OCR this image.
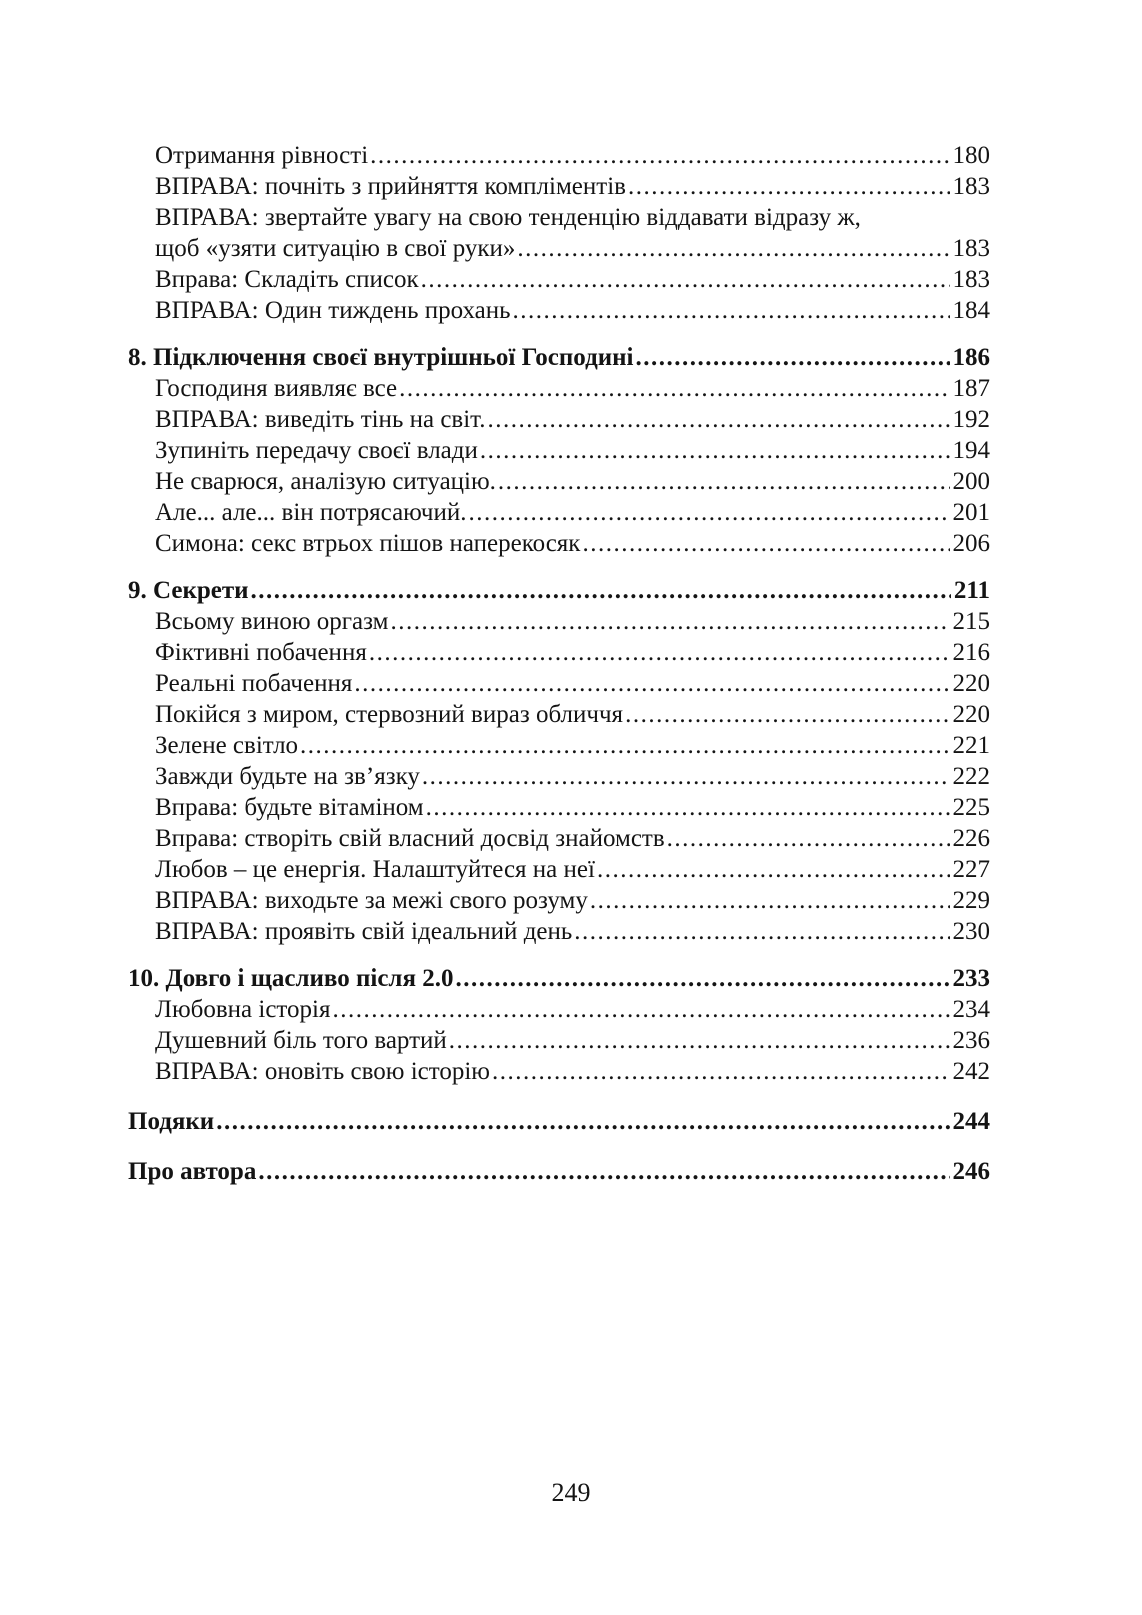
Отримання рівності .....	180
ВПРАВА: почніть з прийняття компліментів .....	183
ВПРАВА: звертайте увагу на свою тенденцію віддавати відразу ж,
щоб «узяти ситуацію в свої руки» .....	183
Вправа: Складіть список .....	183
ВПРАВА: Один тиждень прохань .....	184
8. Підключення своєї внутрішньої Господині .....	186
Господиня виявляє все .....	187
ВПРАВА: виведіть тінь на світ. .....	192
Зупиніть передачу своєї влади .....	194
Не сварюся, аналізую ситуацію. .....	200
Але... але... він потрясаючий. .....	201
Симона: секс втрьох пішов наперекосяк .....	206
9. Секрети .....	211
Всьому виною оргазм .....	215
Фіктивні побачення .....	216
Реальні побачення .....	220
Покійся з миром, стервозний вираз обличчя .....	220
Зелене світло .....	221
Завжди будьте на зв’язку .....	222
Вправа: будьте вітаміном .....	225
Вправа: створіть свій власний досвід знайомств .....	226
Любов – це енергія. Налаштуйтеся на неї .....	227
ВПРАВА: виходьте за межі свого розуму .....	229
ВПРАВА: проявіть свій ідеальний день .....	230
10. Довго і щасливо після 2.0 .....	233
Любовна історія .....	234
Душевний біль того вартий .....	236
ВПРАВА: оновіть свою історію .....	242
Подяки .....	244
Про автора .....	246
249
